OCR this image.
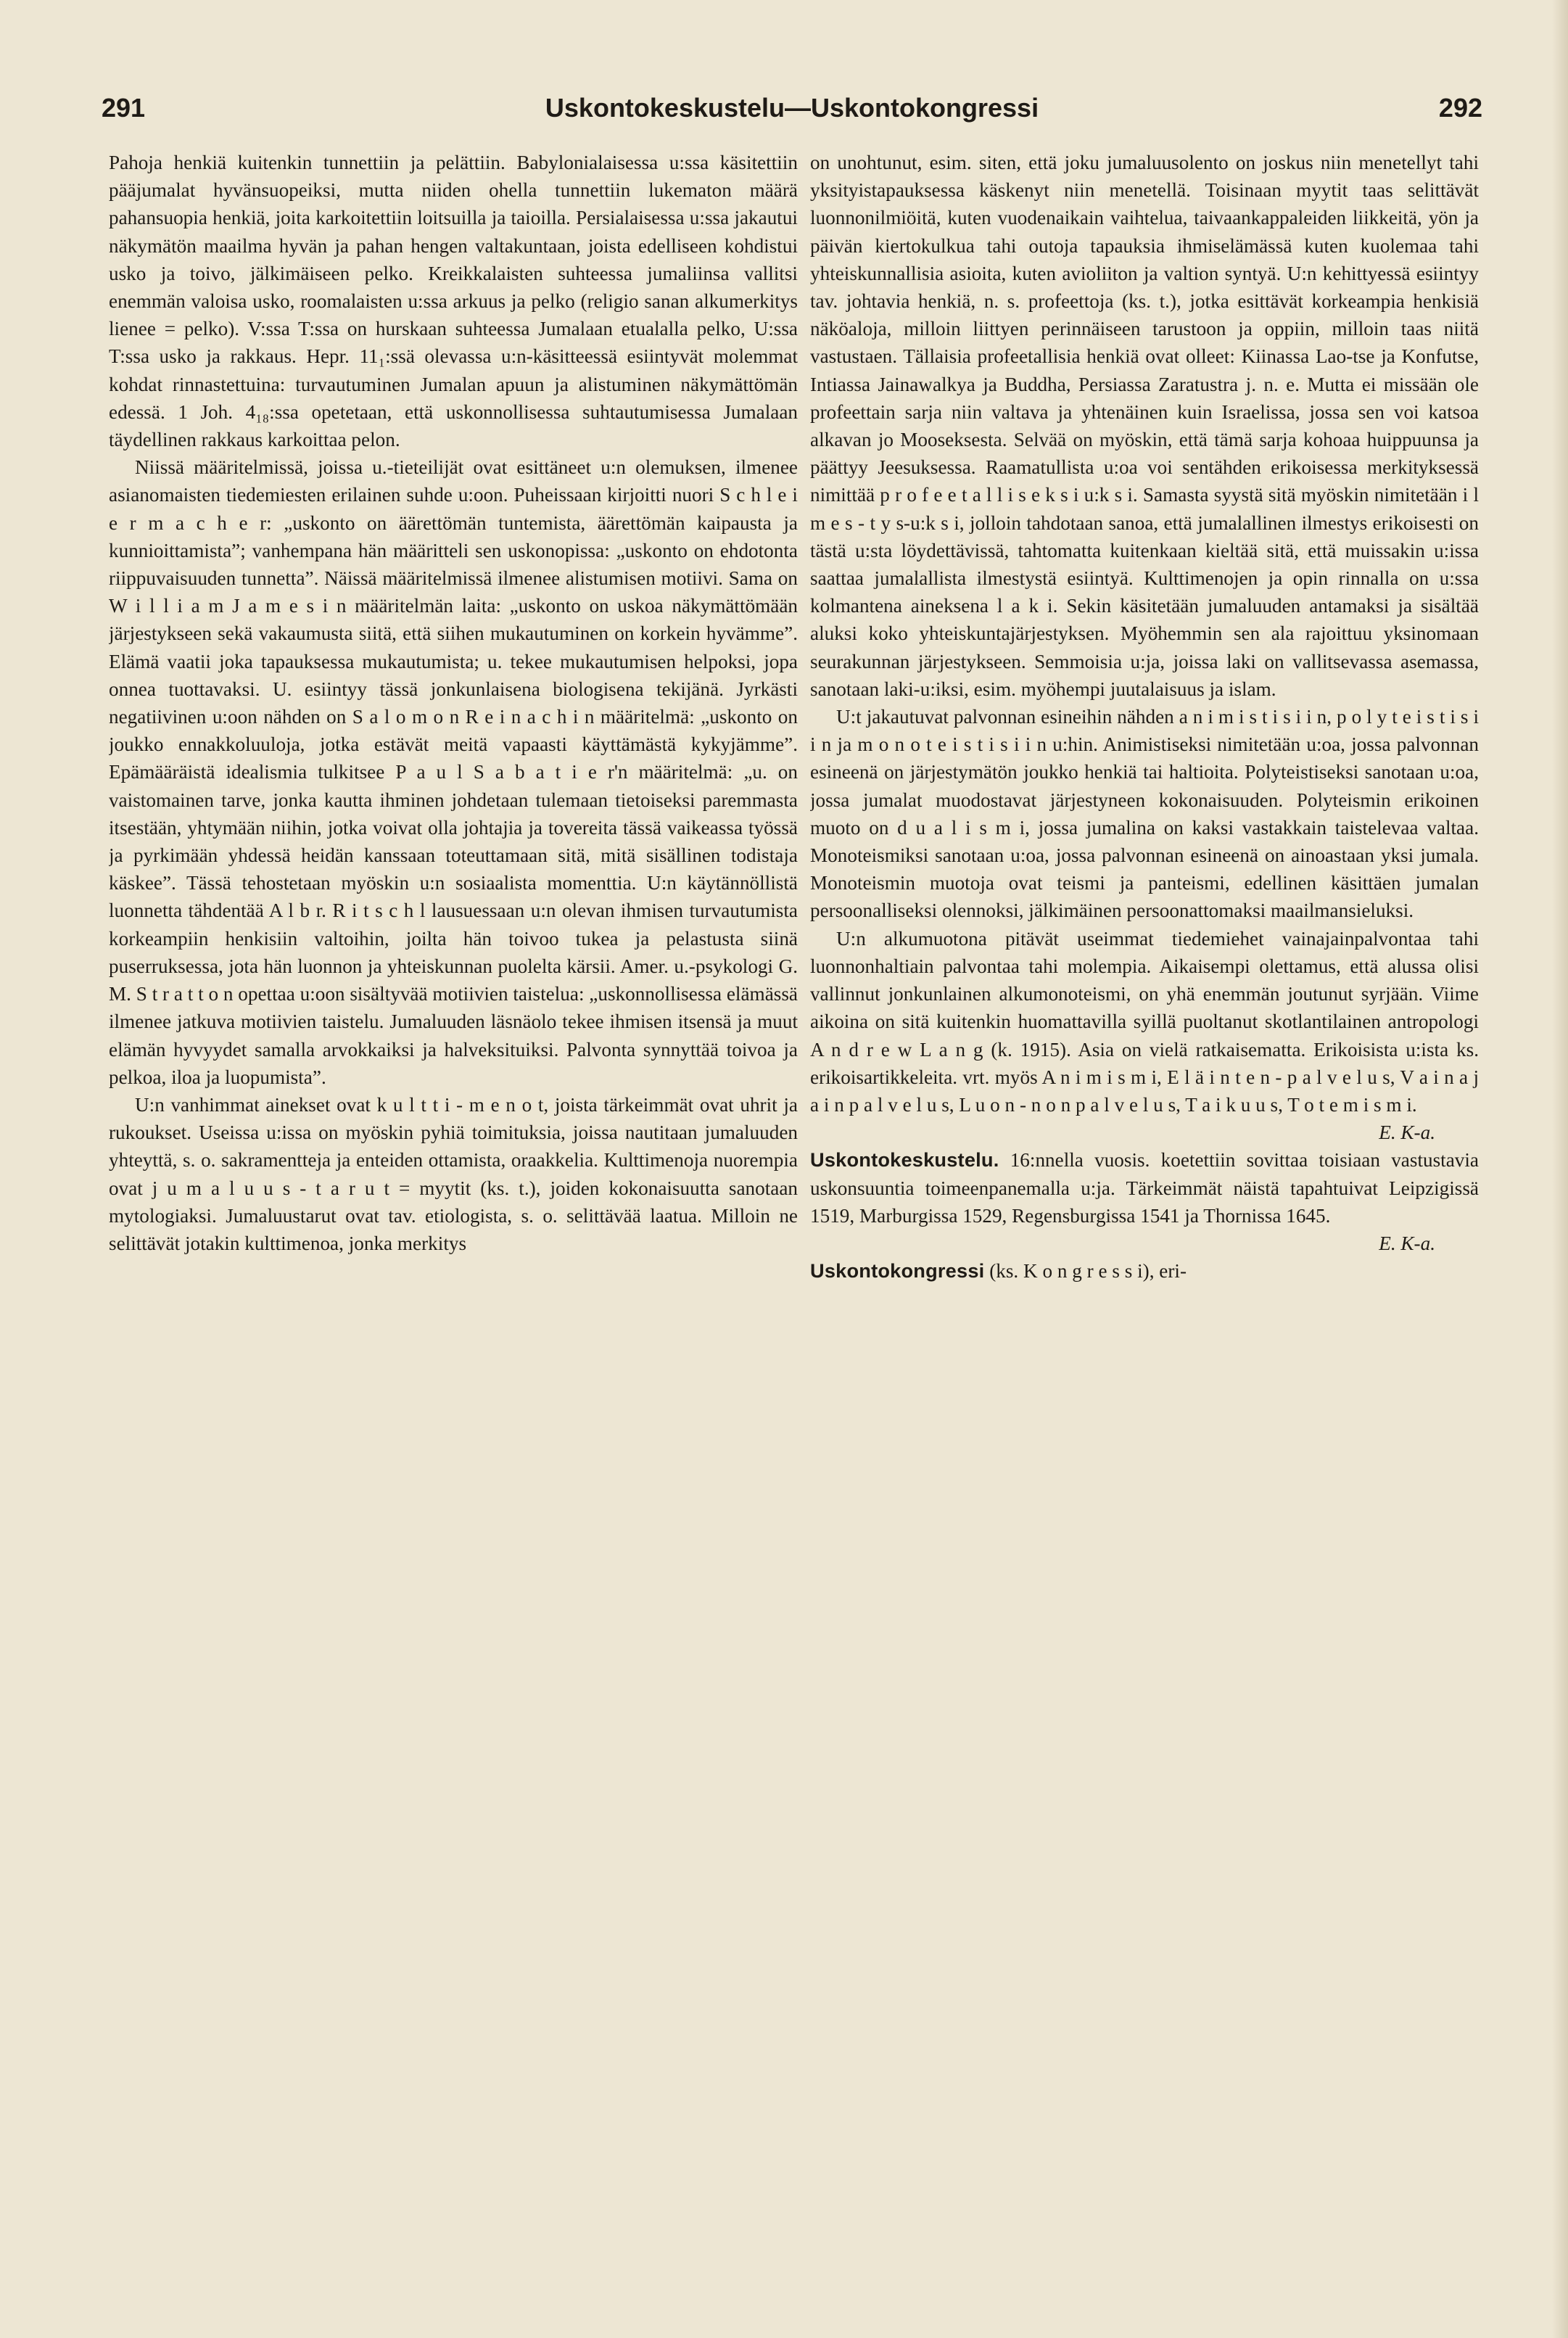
291	Uskontokeskustelu—Uskontokongressi	292

Pahoja henkiä kuitenkin tunnettiin ja pelättiin. Babylonialaisessa u:ssa käsitettiin pääjumalat hyvänsuopeiksi, mutta niiden ohella tunnettiin lukematon määrä pahansuopia henkiä, joita karkoitettiin loitsuilla ja taioilla. Persialaisessa u:ssa jakautui näkymätön maailma hyvän ja pahan hengen valtakuntaan, joista edelliseen kohdistui usko ja toivo, jälkimäiseen pelko. Kreikkalaisten suhteessa jumaliinsa vallitsi enemmän valoisa usko, roomalaisten u:ssa arkuus ja pelko (religio sanan alkumerkitys lienee = pelko). V:ssa T:ssa on hurskaan suhteessa Jumalaan etualalla pelko, U:ssa T:ssa usko ja rakkaus. Hepr. 11₁:ssä olevassa u:n-käsitteessä esiintyvät molemmat kohdat rinnastettuina: turvautuminen Jumalan apuun ja alistuminen näkymättömän edessä. 1 Joh. 4₁₈:ssa opetetaan, että uskonnollisessa suhtautumisessa Jumalaan täydellinen rakkaus karkoittaa pelon.

Niissä määritelmissä, joissa u.-tieteilijät ovat esittäneet u:n olemuksen, ilmenee asianomaisten tiedemiesten erilainen suhde u:oon. Puheissaan kirjoitti nuori S c h l e i e r m a c h e r: „uskonto on äärettömän tuntemista, äärettömän kaipausta ja kunnioittamista”; vanhempana hän määritteli sen uskonopissa: „uskonto on ehdotonta riippuvaisuuden tunnetta”. Näissä määritelmissä ilmenee alistumisen motiivi. Sama on W i l l i a m J a m e s i n määritelmän laita: „uskonto on uskoa näkymättömään järjestykseen sekä vakaumusta siitä, että siihen mukautuminen on korkein hyvämme”. Elämä vaatii joka tapauksessa mukautumista; u. tekee mukautumisen helpoksi, jopa onnea tuottavaksi. U. esiintyy tässä jonkunlaisena biologisena tekijänä. Jyrkästi negatiivinen u:oon nähden on S a l o m o n R e i n a c h i n määritelmä: „uskonto on joukko ennakkoluuloja, jotka estävät meitä vapaasti käyttämästä kykyjämme”. Epämääräistä idealismia tulkitsee P a u l S a b a t i e r'n määritelmä: „u. on vaistomainen tarve, jonka kautta ihminen johdetaan tulemaan tietoiseksi paremmasta itsestään, yhtymään niihin, jotka voivat olla johtajia ja tovereita tässä vaikeassa työssä ja pyrkimään yhdessä heidän kanssaan toteuttamaan sitä, mitä sisällinen todistaja käskee”. Tässä tehostetaan myöskin u:n sosiaalista momenttia. U:n käytännöllistä luonnetta tähdentää A l b r. R i t s c h l lausuessaan u:n olevan ihmisen turvautumista korkeampiin henkisiin valtoihin, joilta hän toivoo tukea ja pelastusta siinä puserruksessa, jota hän luonnon ja yhteiskunnan puolelta kärsii. Amer. u.-psykologi G. M. S t r a t t o n opettaa u:oon sisältyvää motiivien taistelua: „uskonnollisessa elämässä ilmenee jatkuva motiivien taistelu. Jumaluuden läsnäolo tekee ihmisen itsensä ja muut elämän hyvyydet samalla arvokkaiksi ja halveksituiksi. Palvonta synnyttää toivoa ja pelkoa, iloa ja luopumista”.

U:n vanhimmat ainekset ovat k u l t t i - m e n o t, joista tärkeimmät ovat uhrit ja rukoukset. Useissa u:issa on myöskin pyhiä toimituksia, joissa nautitaan jumaluuden yhteyttä, s. o. sakramentteja ja enteiden ottamista, oraakkelia. Kulttimenoja nuorempia ovat j u m a l u u s - t a r u t = myytit (ks. t.), joiden kokonaisuutta sanotaan mytologiaksi. Jumaluustarut ovat tav. etiologista, s. o. selittävää laatua. Milloin ne selittävät jotakin kulttimenoa, jonka merkitys

on unohtunut, esim. siten, että joku jumaluusolento on joskus niin menetellyt tahi yksityistapauksessa käskenyt niin menetellä. Toisinaan myytit taas selittävät luonnonilmiöitä, kuten vuodenaikain vaihtelua, taivaankappaleiden liikkeitä, yön ja päivän kiertokulkua tahi outoja tapauksia ihmiselämässä kuten kuolemaa tahi yhteiskunnallisia asioita, kuten avioliiton ja valtion syntyä. U:n kehittyessä esiintyy tav. johtavia henkiä, n. s. profeettoja (ks. t.), jotka esittävät korkeampia henkisiä näköaloja, milloin liittyen perinnäiseen tarustoon ja oppiin, milloin taas niitä vastustaen. Tällaisia profeetallisia henkiä ovat olleet: Kiinassa Lao-tse ja Konfutse, Intiassa Jainawalkya ja Buddha, Persiassa Zaratustra j. n. e. Mutta ei missään ole profeettain sarja niin valtava ja yhtenäinen kuin Israelissa, jossa sen voi katsoa alkavan jo Mooseksesta. Selvää on myöskin, että tämä sarja kohoaa huippuunsa ja päättyy Jeesuksessa. Raamatullista u:oa voi sentähden erikoisessa merkityksessä nimittää p r o f e e t a l l i s e k s i u:k s i. Samasta syystä sitä myöskin nimitetään i l m e s - t y s-u:k s i, jolloin tahdotaan sanoa, että jumalallinen ilmestys erikoisesti on tästä u:sta löydettävissä, tahtomatta kuitenkaan kieltää sitä, että muissakin u:issa saattaa jumalallista ilmestystä esiintyä. Kulttimenojen ja opin rinnalla on u:ssa kolmantena aineksena l a k i. Sekin käsitetään jumaluuden antamaksi ja sisältää aluksi koko yhteiskuntajärjestyksen. Myöhemmin sen ala rajoittuu yksinomaan seurakunnan järjestykseen. Semmoisia u:ja, joissa laki on vallitsevassa asemassa, sanotaan laki-u:iksi, esim. myöhempi juutalaisuus ja islam.

U:t jakautuvat palvonnan esineihin nähden a n i m i s t i s i i n, p o l y t e i s t i s i i n ja m o n o t e i s t i s i i n u:hin. Animistiseksi nimitetään u:oa, jossa palvonnan esineenä on järjestymätön joukko henkiä tai haltioita. Polyteistiseksi sanotaan u:oa, jossa jumalat muodostavat järjestyneen kokonaisuuden. Polyteismin erikoinen muoto on d u a l i s m i, jossa jumalina on kaksi vastakkain taistelevaa valtaa. Monoteismiksi sanotaan u:oa, jossa palvonnan esineenä on ainoastaan yksi jumala. Monoteismin muotoja ovat teismi ja panteismi, edellinen käsittäen jumalan persoonalliseksi olennoksi, jälkimäinen persoonattomaksi maailmansieluksi.

U:n alkumuotona pitävät useimmat tiedemiehet vainajainpalvontaa tahi luonnonhaltiain palvontaa tahi molempia. Aikaisempi olettamus, että alussa olisi vallinnut jonkunlainen alkumonoteismi, on yhä enemmän joutunut syrjään. Viime aikoina on sitä kuitenkin huomattavilla syillä puoltanut skotlantilainen antropologi A n d r e w L a n g (k. 1915). Asia on vielä ratkaisematta. Erikoisista u:ista ks. erikoisartikkeleita. vrt. myös A n i m i s m i, E l ä i n t e n - p a l v e l u s, V a i n a j a i n p a l v e l u s, L u o n - n o n p a l v e l u s, T a i k u u s, T o t e m i s m i.

E. K-a.

Uskontokeskustelu. 16:nnella vuosis. koetettiin sovittaa toisiaan vastustavia uskonsuuntia toimeenpanemalla u:ja. Tärkeimmät näistä tapahtuivat Leipzigissä 1519, Marburgissa 1529, Regensburgissa 1541 ja Thornissa 1645.

E. K-a.

Uskontokongressi (ks. K o n g r e s s i), eri-
